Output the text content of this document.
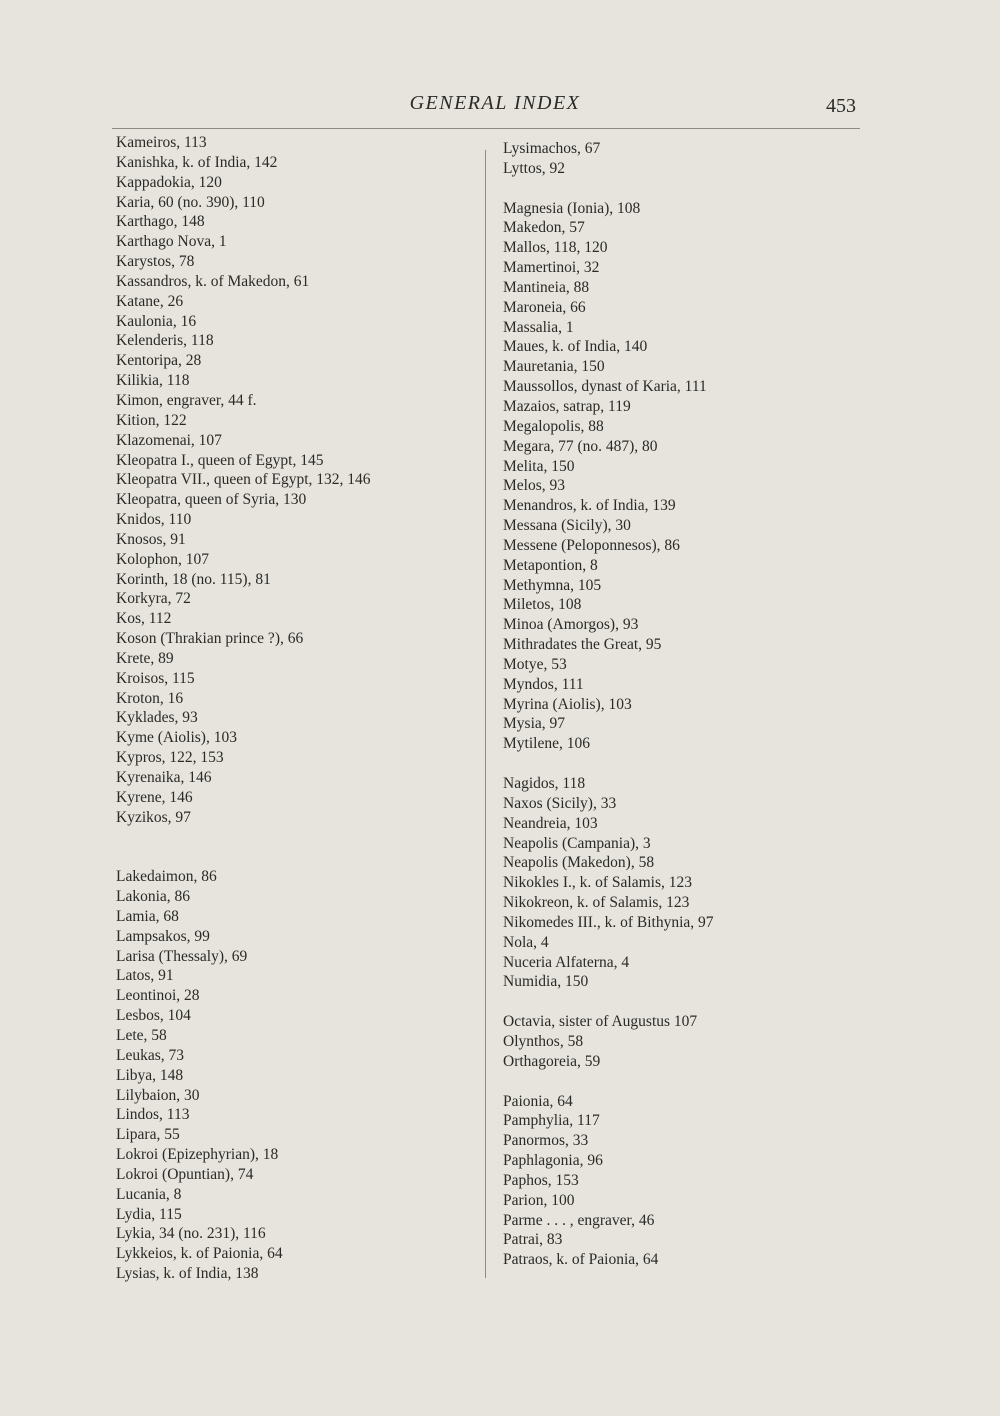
GENERAL INDEX	453
Kameiros, 113
Kanishka, k. of India, 142
Kappadokia, 120
Karia, 60 (no. 390), 110
Karthago, 148
Karthago Nova, 1
Karystos, 78
Kassandros, k. of Makedon, 61
Katane, 26
Kaulonia, 16
Kelenderis, 118
Kentoripa, 28
Kilikia, 118
Kimon, engraver, 44 f.
Kition, 122
Klazomenai, 107
Kleopatra I., queen of Egypt, 145
Kleopatra VII., queen of Egypt, 132, 146
Kleopatra, queen of Syria, 130
Knidos, 110
Knosos, 91
Kolophon, 107
Korinth, 18 (no. 115), 81
Korkyra, 72
Kos, 112
Koson (Thrakian prince ?), 66
Krete, 89
Kroisos, 115
Kroton, 16
Kyklades, 93
Kyme (Aiolis), 103
Kypros, 122, 153
Kyrenaika, 146
Kyrene, 146
Kyzikos, 97
Lakedaimon, 86
Lakonia, 86
Lamia, 68
Lampsakos, 99
Larisa (Thessaly), 69
Latos, 91
Leontinoi, 28
Lesbos, 104
Lete, 58
Leukas, 73
Libya, 148
Lilybaion, 30
Lindos, 113
Lipara, 55
Lokroi (Epizephyrian), 18
Lokroi (Opuntian), 74
Lucania, 8
Lydia, 115
Lykia, 34 (no. 231), 116
Lykkeios, k. of Paionia, 64
Lysias, k. of India, 138
Lysimachos, 67
Lyttos, 92
Magnesia (Ionia), 108
Makedon, 57
Mallos, 118, 120
Mamertinoi, 32
Mantineia, 88
Maroneia, 66
Massalia, 1
Maues, k. of India, 140
Mauretania, 150
Maussollos, dynast of Karia, 111
Mazaios, satrap, 119
Megalopolis, 88
Megara, 77 (no. 487), 80
Melita, 150
Melos, 93
Menandros, k. of India, 139
Messana (Sicily), 30
Messene (Peloponnesos), 86
Metapontion, 8
Methymna, 105
Miletos, 108
Minoa (Amorgos), 93
Mithradates the Great, 95
Motye, 53
Myndos, 111
Myrina (Aiolis), 103
Mysia, 97
Mytilene, 106
Nagidos, 118
Naxos (Sicily), 33
Neandreia, 103
Neapolis (Campania), 3
Neapolis (Makedon), 58
Nikokles I., k. of Salamis, 123
Nikokreon, k. of Salamis, 123
Nikomedes III., k. of Bithynia, 97
Nola, 4
Nuceria Alfaterna, 4
Numidia, 150
Octavia, sister of Augustus 107
Olynthos, 58
Orthagoreia, 59
Paionia, 64
Pamphylia, 117
Panormos, 33
Paphlagonia, 96
Paphos, 153
Parion, 100
Parme . . . , engraver, 46
Patrai, 83
Patraos, k. of Paionia, 64
